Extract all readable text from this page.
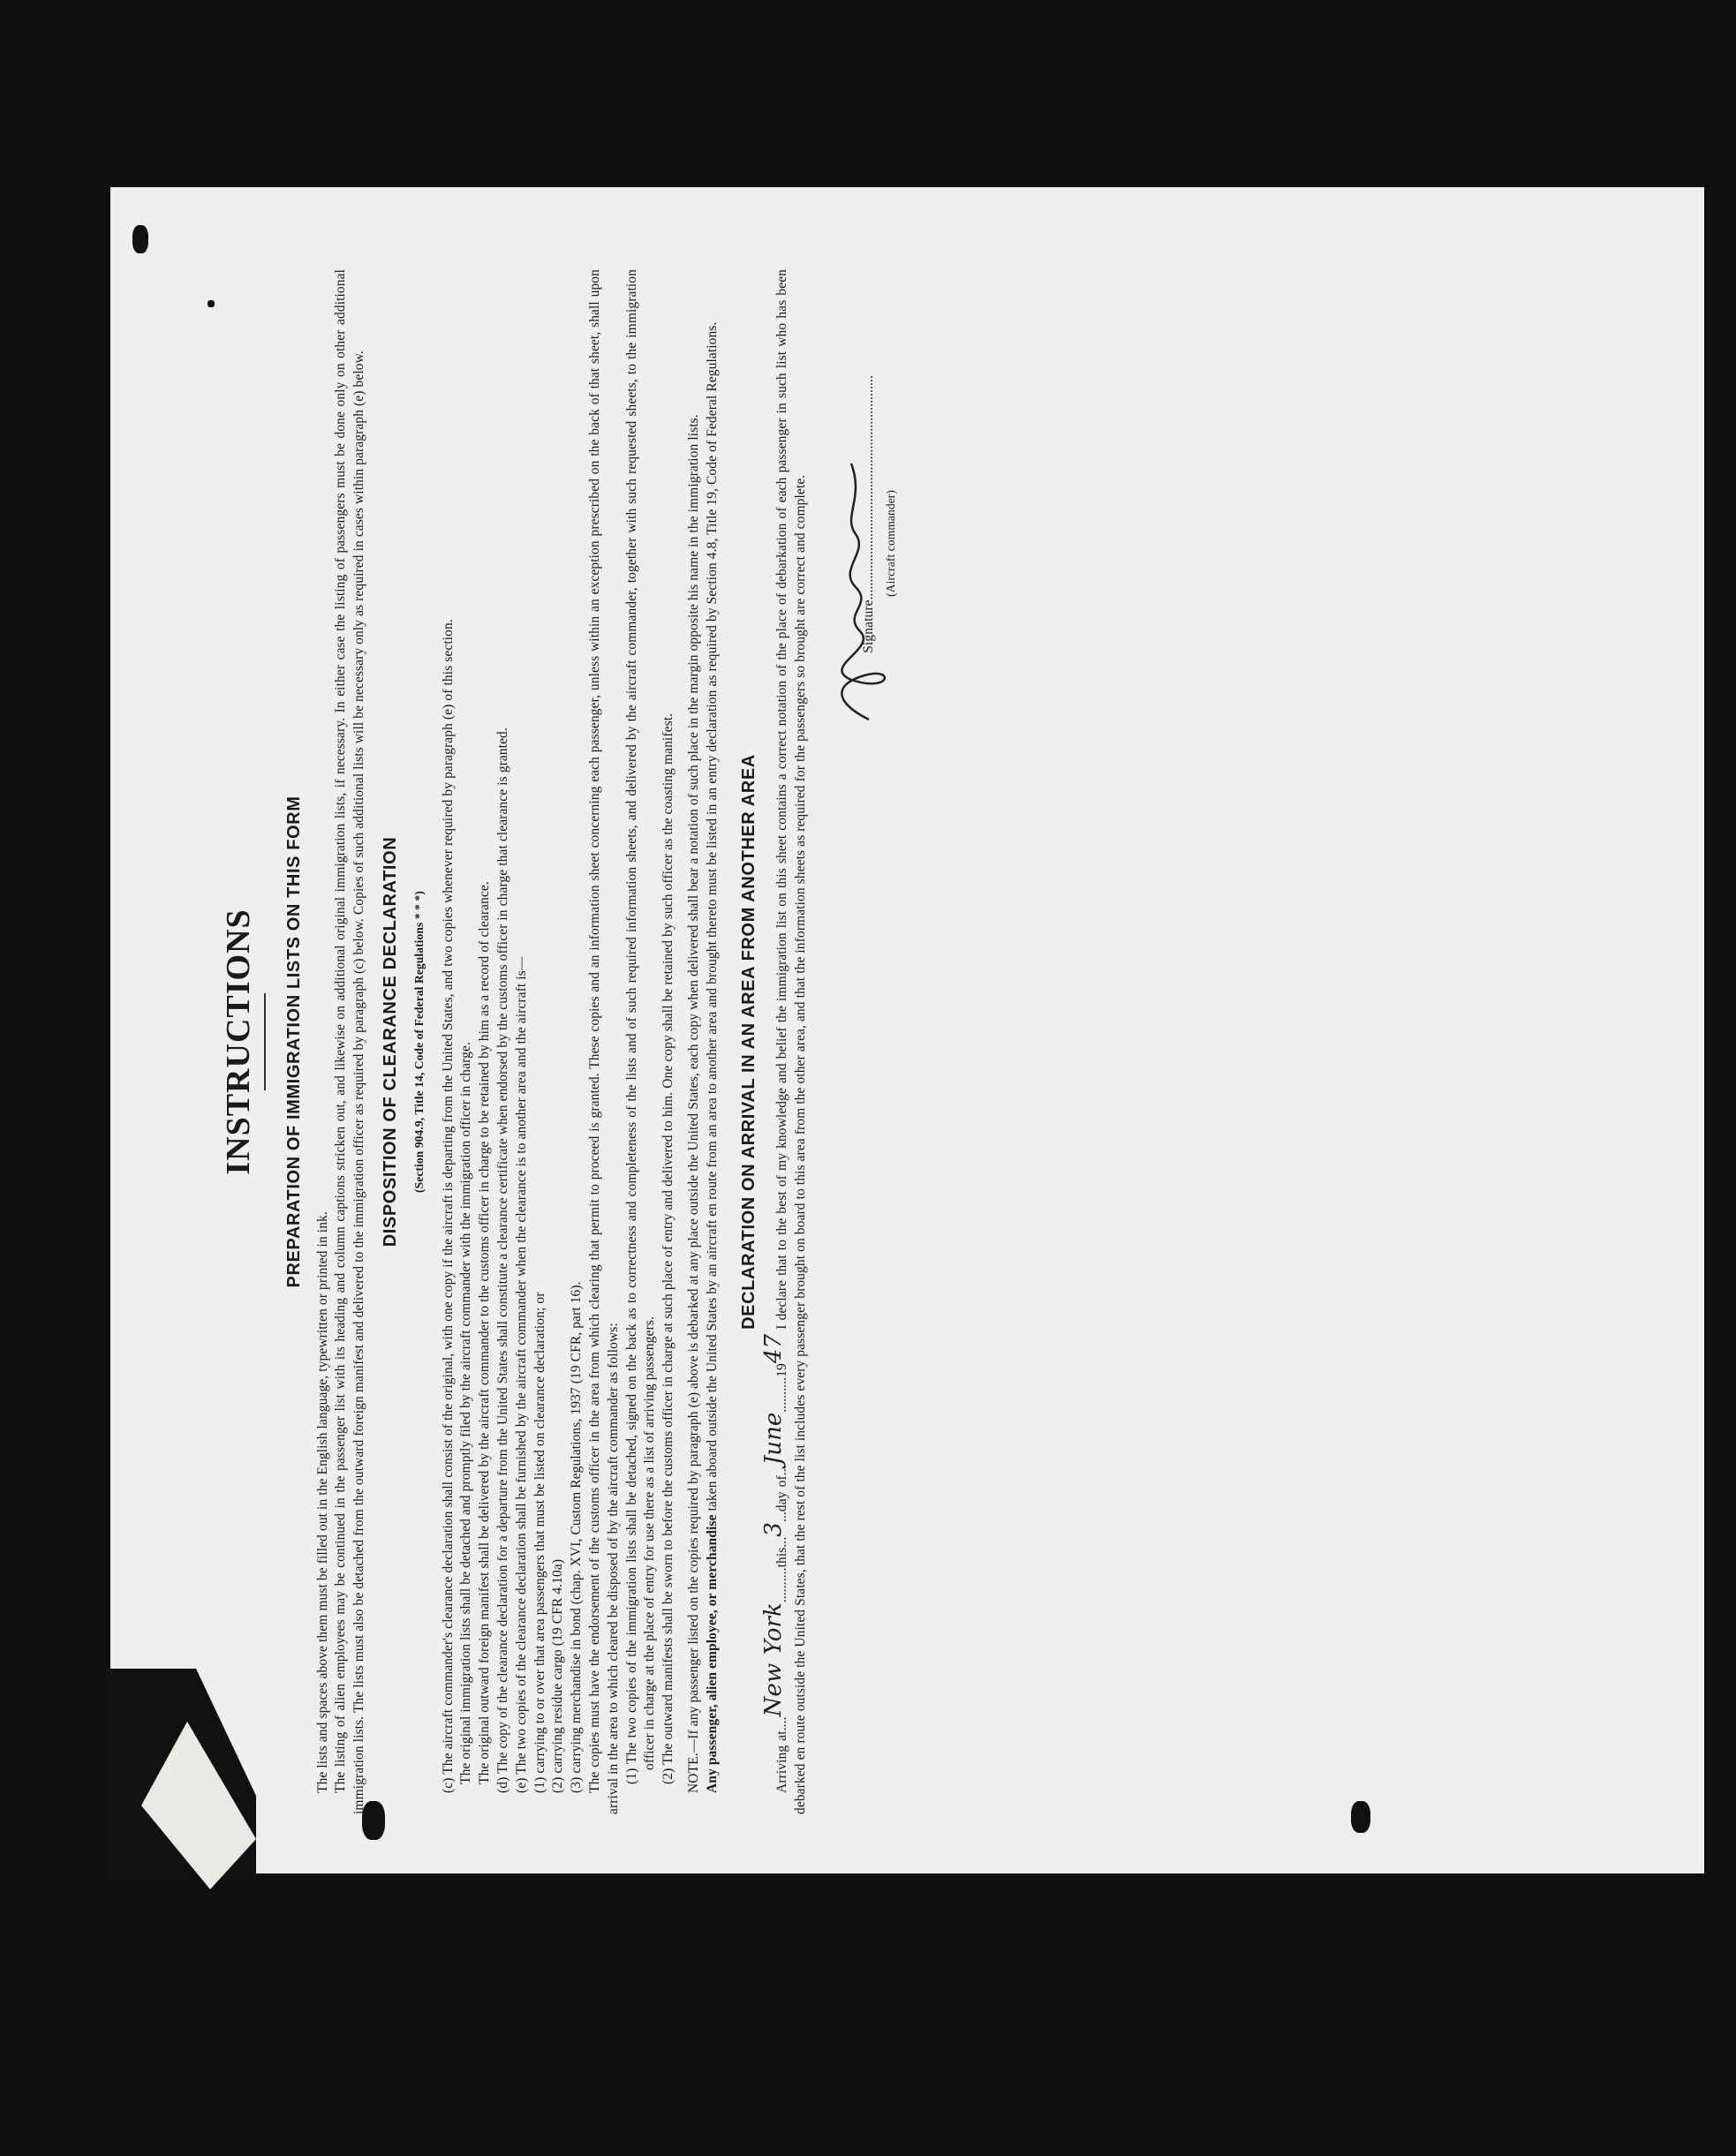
INSTRUCTIONS PREPARATION OF IMMIGRATION LISTS ON THIS FORM

The lists and spaces above them must be filled out in the English language, typewritten or printed in ink. The listing of alien employees may be continued in the passenger list with its heading and column captions stricken out, and likewise on additional original immigration lists, if necessary. In either case the listing of passengers must be done only on other additional immigration lists. The lists must also be detached from the outward foreign manifest and delivered to the immigration officer as required by paragraph (c) below. Copies of such additional lists will be necessary only as required in cases within paragraph (e) below. DISPOSITION OF CLEARANCE DECLARATION (Section 904.9, Title 14, Code of Federal Regulations * * *) (c) The aircraft commander's clearance declaration shall consist of the original, with one copy if the aircraft is departing from the United States, and two copies whenever required by paragraph (e) of this section. The original immigration lists shall be detached and promptly filed by the aircraft commander with the immigration officer in charge. The original outward foreign manifest shall be delivered by the aircraft commander to the customs officer in charge to be retained by him as a record of clearance. (d) The copy of the clearance declaration for a departure from the United States shall constitute a clearance certificate when endorsed by the customs officer in charge that clearance is granted. (e) The two copies of the clearance declaration shall be furnished by the aircraft commander when the clearance is to another area and the aircraft is— (1) carrying to or over that area passengers that must be listed on clearance declaration; or (2) carrying residue cargo (19 CFR 4.10a) (3) carrying merchandise in bond (chap. XVI, Custom Regulations, 1937 (19 CFR, part 16). The copies must have the endorsement of the customs officer in the area from which clearing that permit to proceed is granted. These copies and an information sheet concerning each passenger, unless within an exception prescribed on the back of that sheet, shall upon arrival in the area to which cleared be disposed of by the aircraft commander as follows: (1) The two copies of the immigration lists shall be detached, signed on the back as to correctness and completeness of the lists and of such required information sheets, and delivered by the aircraft commander, together with such requested sheets, to the immigration officer in charge at the place of entry for use there as a list of arriving passengers. (2) The outward manifests shall be sworn to before the customs officer in charge at such place of entry and delivered to him. One copy shall be retained by such officer as the coasting manifest. NOTE.—If any passenger listed on the copies required by paragraph (e) above is debarked at any place outside the United States, each copy when delivered shall bear a notation of such place in the margin opposite his name in the immigration lists. Any passenger, alien employee, or merchandise taken aboard outside the United States by an aircraft en route from an area to another area and brought thereto must be listed in an entry declaration as required by Section 4.8, Title 19, Code of Federal Regulations. DECLARATION ON ARRIVAL IN AN AREA FROM ANOTHER AREA

Arriving at....New York..........this...3...day of...June..........1947 I declare that to the best of my knowledge and belief the immigration list on this sheet contains a correct notation of the place of debarkation of each passenger in such list who has been debarked en route outside the United States, that the rest of the list includes every passenger brought on board to this area from the other area, and that the information sheets as required for the passengers so brought are correct and complete.	Signature................................................................ (Aircraft commander)
